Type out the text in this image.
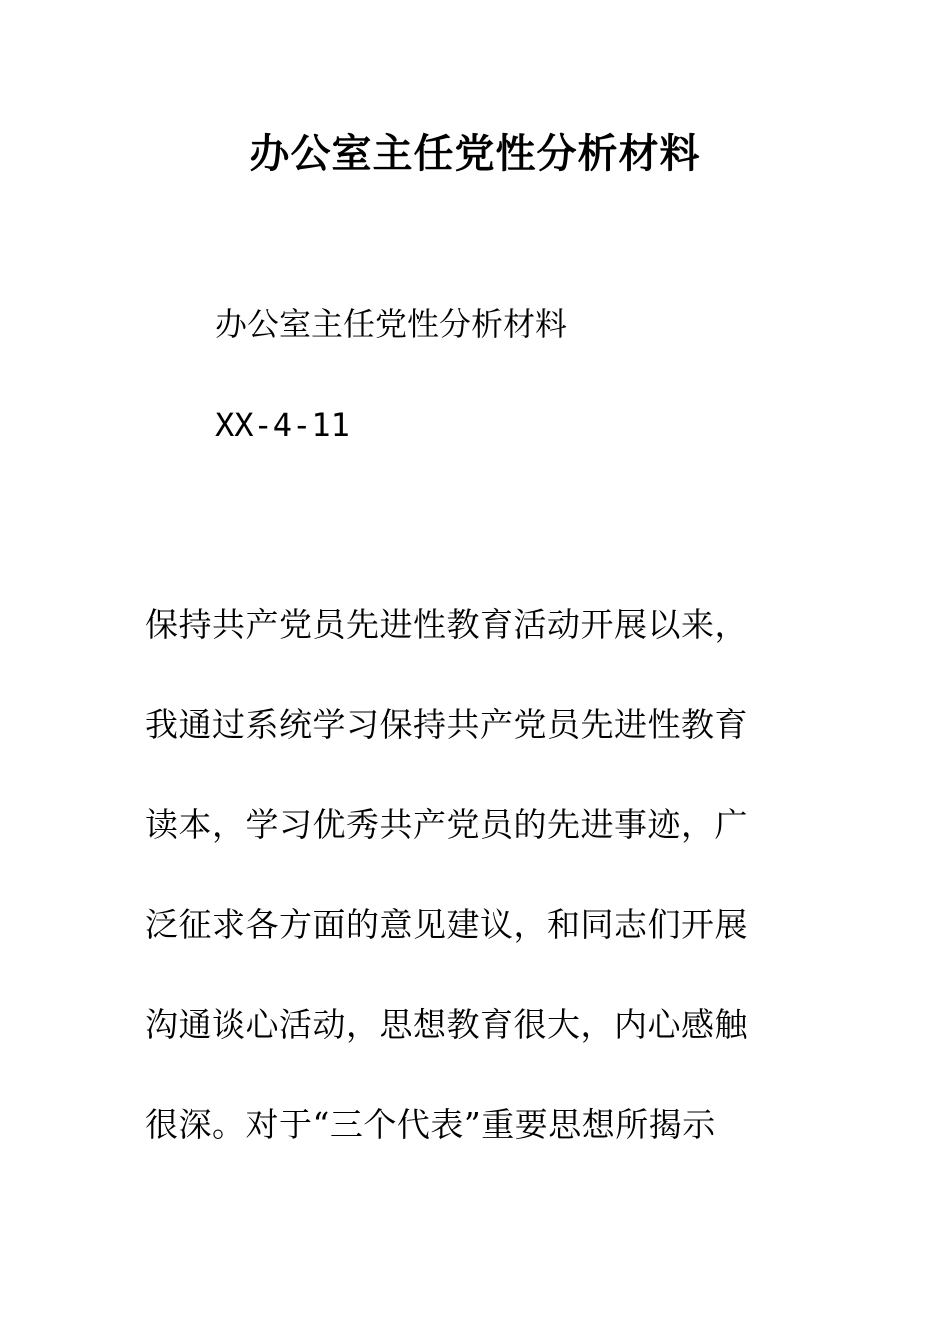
办公室主任党性分析材料
办公室主任党性分析材料
XX-4-11
保持共产党员先进性教育活动开展以来，
我通过系统学习保持共产党员先进性教育
读本，学习优秀共产党员的先进事迹，广
泛征求各方面的意见建议，和同志们开展
沟通谈心活动，思想教育很大，内心感触
很深。对于“三个代表”重要思想所揭示
